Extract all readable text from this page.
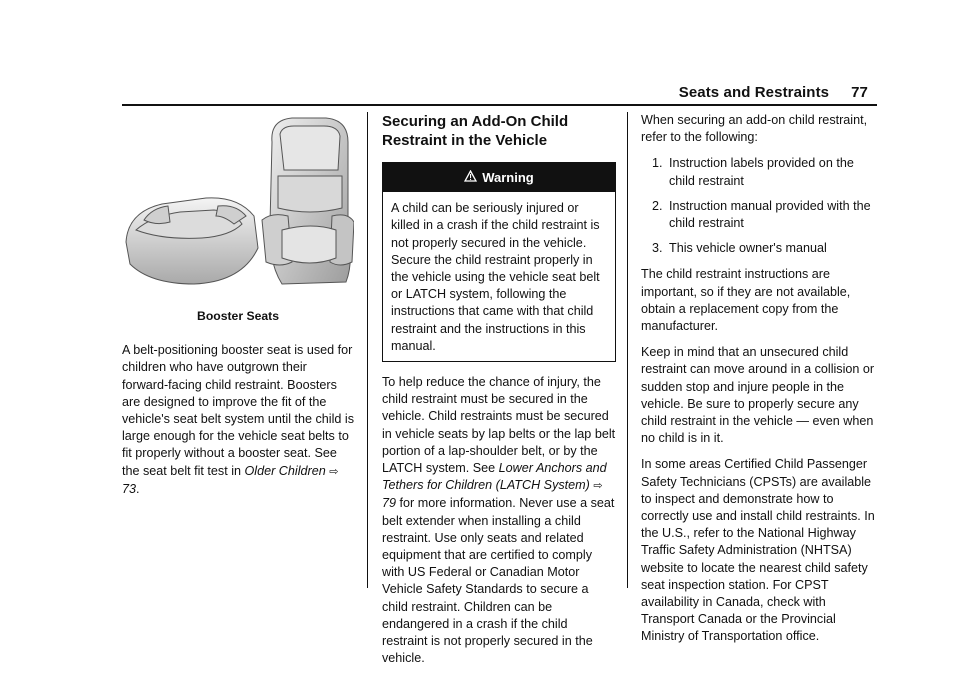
Seats and Restraints 77
Booster Seats

A belt-positioning booster seat is used for children who have outgrown their forward-facing child restraint. Boosters are designed to improve the fit of the vehicle's seat belt system until the child is large enough for the vehicle seat belts to fit properly without a booster seat. See the seat belt fit test in Older Children ⇨ 73.

Securing an Add-On Child Restraint in the Vehicle
Warning

A child can be seriously injured or killed in a crash if the child restraint is not properly secured in the vehicle. Secure the child restraint properly in the vehicle using the vehicle seat belt or LATCH system, following the instructions that came with that child restraint and the instructions in this manual.

To help reduce the chance of injury, the child restraint must be secured in the vehicle. Child restraints must be secured in vehicle seats by lap belts or the lap belt portion of a lap-shoulder belt, or by the LATCH system. See Lower Anchors and Tethers for Children (LATCH System) ⇨ 79 for more information. Never use a seat belt extender when installing a child restraint. Use only seats and related equipment that are certified to comply with US Federal or Canadian Motor Vehicle Safety Standards to secure a child restraint. Children can be endangered in a crash if the child restraint is not properly secured in the vehicle.

When securing an add-on child restraint, refer to the following:

1. Instruction labels provided on the child restraint
2. Instruction manual provided with the child restraint
3. This vehicle owner's manual

The child restraint instructions are important, so if they are not available, obtain a replacement copy from the manufacturer.

Keep in mind that an unsecured child restraint can move around in a collision or sudden stop and injure people in the vehicle. Be sure to properly secure any child restraint in the vehicle — even when no child is in it.

In some areas Certified Child Passenger Safety Technicians (CPSTs) are available to inspect and demonstrate how to correctly use and install child restraints. In the U.S., refer to the National Highway Traffic Safety Administration (NHTSA) website to locate the nearest child safety seat inspection station. For CPST availability in Canada, check with Transport Canada or the Provincial Ministry of Transportation office.
